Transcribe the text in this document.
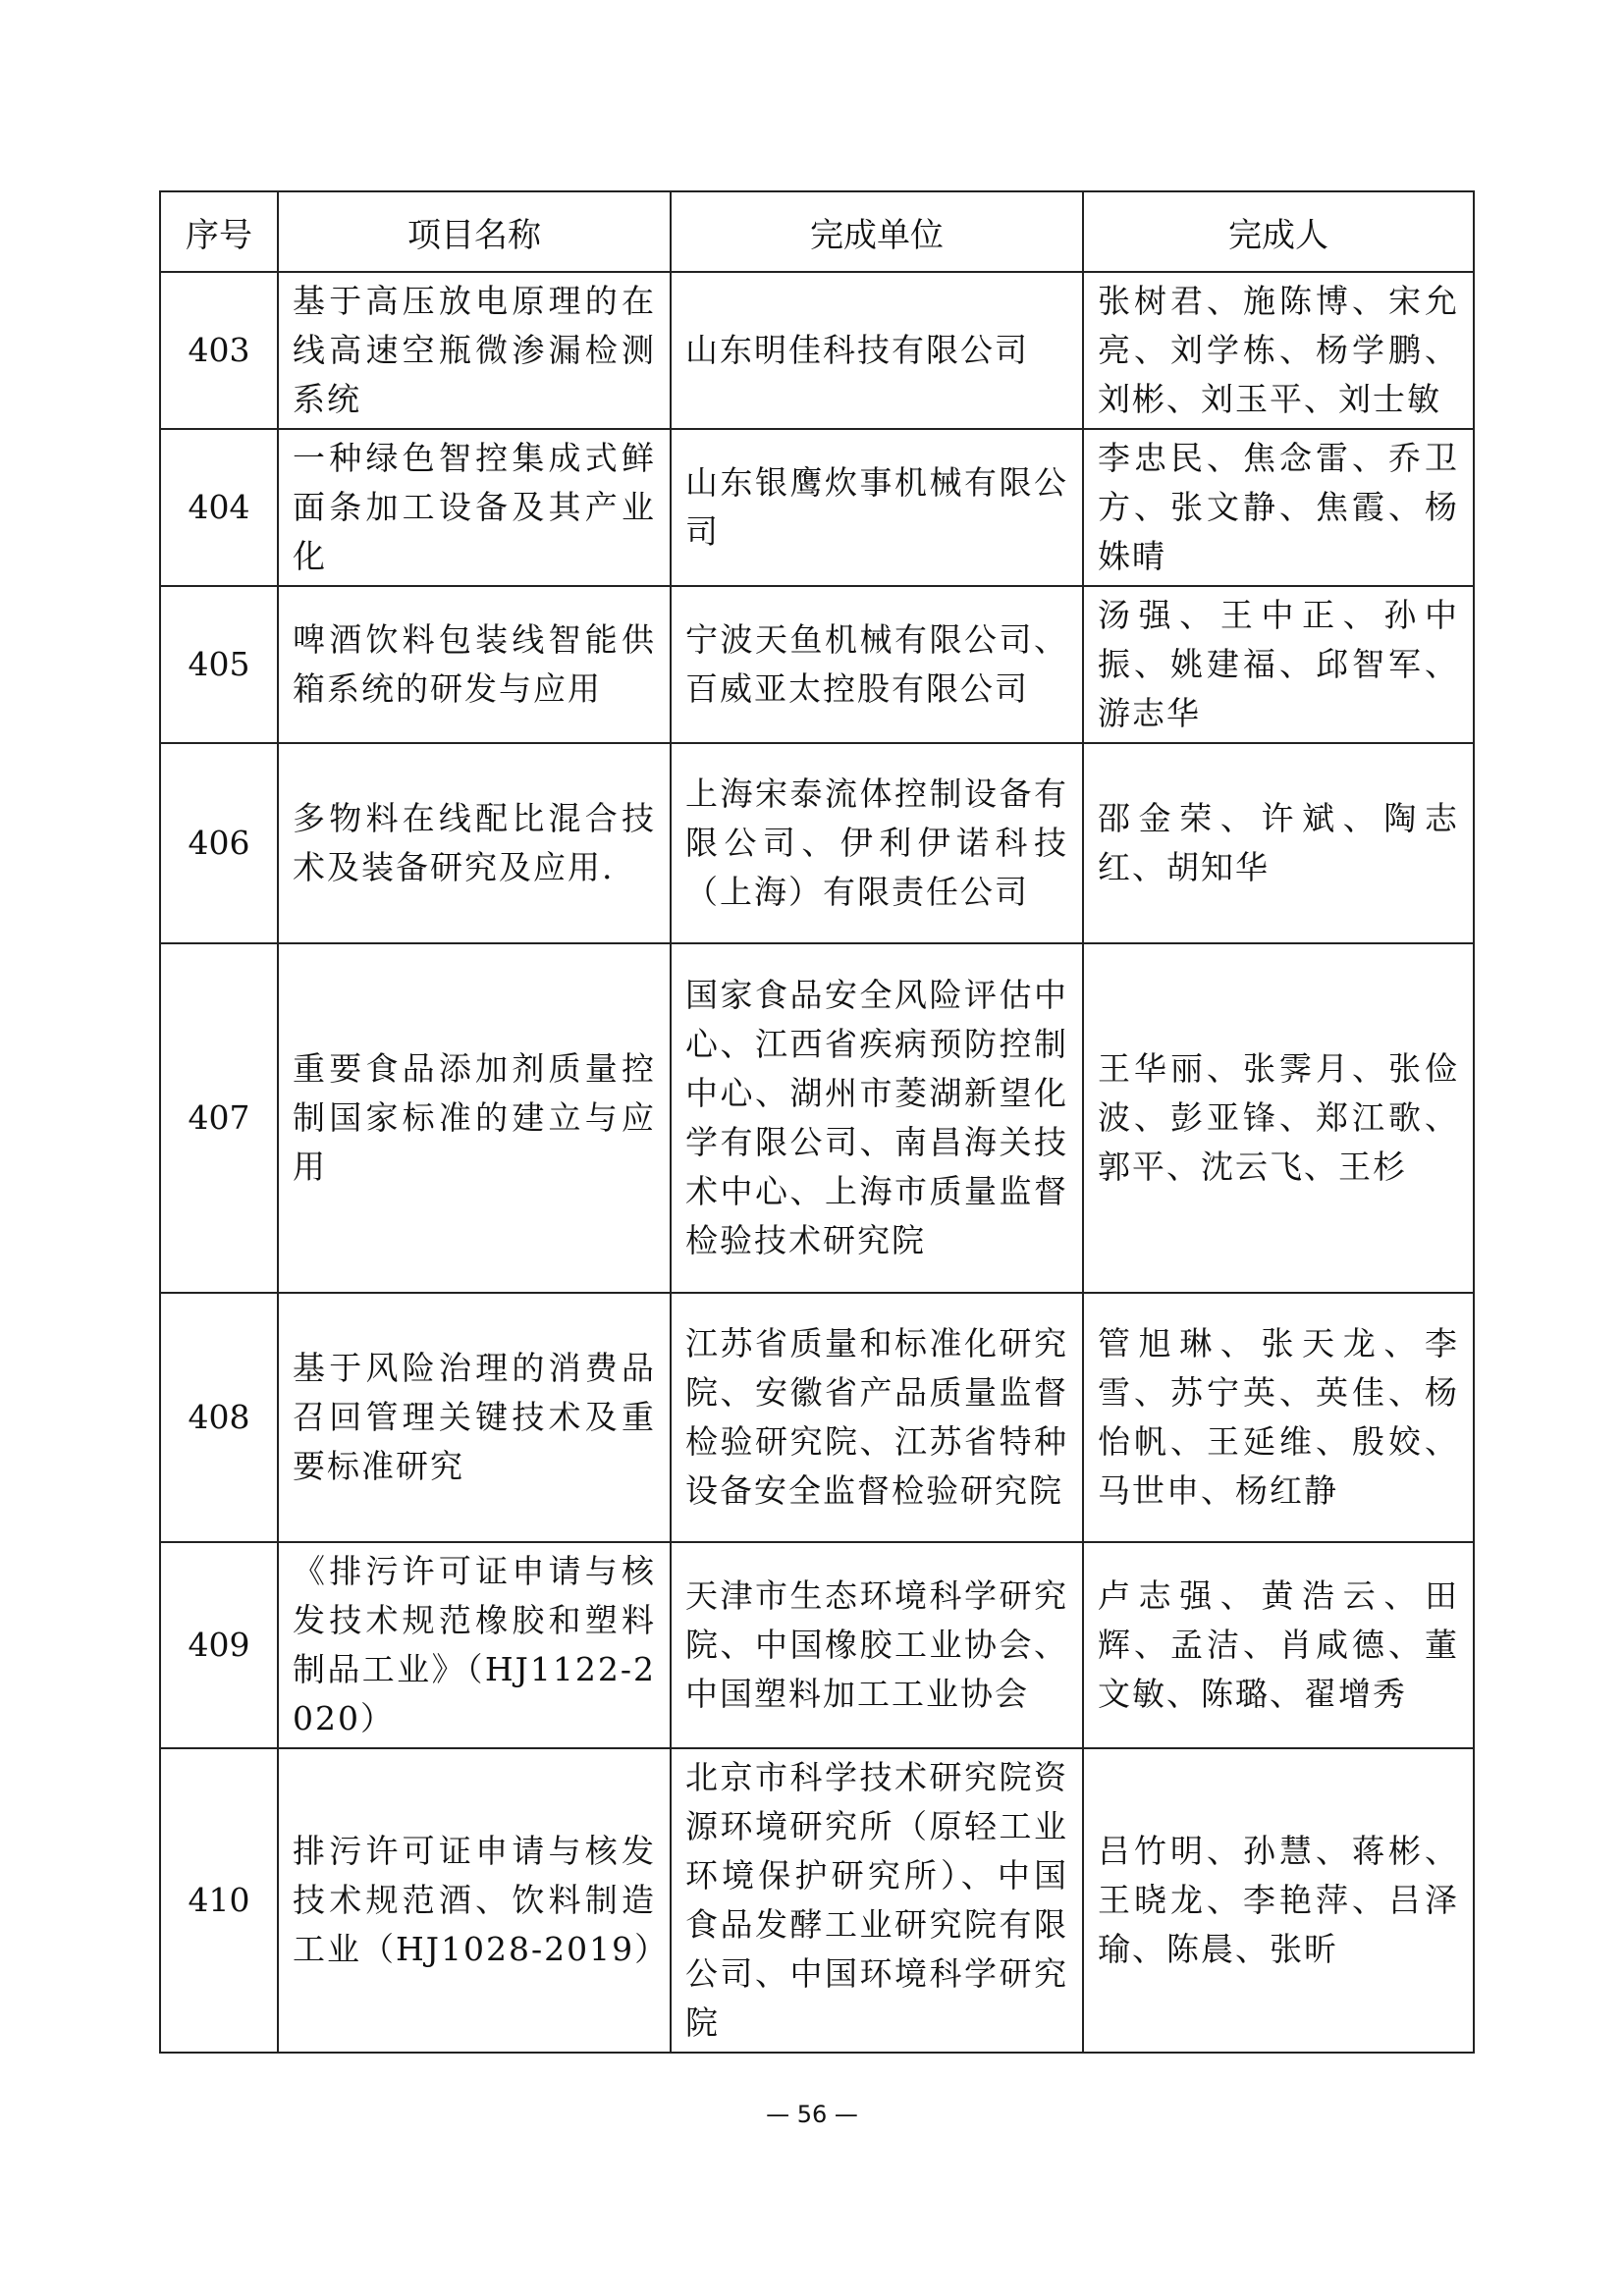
序号	项目名称	完成单位	完成人
403	基于高压放电原理的在线高速空瓶微渗漏检测系统	山东明佳科技有限公司	张树君、施陈博、宋允亮、刘学栋、杨学鹏、刘彬、刘玉平、刘士敏
404	一种绿色智控集成式鲜面条加工设备及其产业化	山东银鹰炊事机械有限公司	李忠民、焦念雷、乔卫方、张文静、焦霞、杨姝晴
405	啤酒饮料包装线智能供箱系统的研发与应用	宁波天鱼机械有限公司、百威亚太控股有限公司	汤强、王中正、孙中振、姚建福、邱智军、游志华
406	多物料在线配比混合技术及装备研究及应用.	上海宋泰流体控制设备有限公司、伊利伊诺科技（上海）有限责任公司	邵金荣、许斌、陶志红、胡知华
407	重要食品添加剂质量控制国家标准的建立与应用	国家食品安全风险评估中心、江西省疾病预防控制中心、湖州市菱湖新望化学有限公司、南昌海关技术中心、上海市质量监督检验技术研究院	王华丽、张霁月、张俭波、彭亚锋、郑江歌、郭平、沈云飞、王杉
408	基于风险治理的消费品召回管理关键技术及重要标准研究	江苏省质量和标准化研究院、安徽省产品质量监督检验研究院、江苏省特种设备安全监督检验研究院	管旭琳、张天龙、李雪、苏宁英、英佳、杨怡帆、王延维、殷姣、马世申、杨红静
409	《排污许可证申请与核发技术规范橡胶和塑料制品工业》（HJ1122-2020）	天津市生态环境科学研究院、中国橡胶工业协会、中国塑料加工工业协会	卢志强、黄浩云、田辉、孟洁、肖咸德、董文敏、陈璐、翟增秀
410	排污许可证申请与核发技术规范酒、饮料制造工业（HJ1028-2019）	北京市科学技术研究院资源环境研究所（原轻工业环境保护研究所）、中国食品发酵工业研究院有限公司、中国环境科学研究院	吕竹明、孙慧、蒋彬、王晓龙、李艳萍、吕泽瑜、陈晨、张昕
— 56 —
